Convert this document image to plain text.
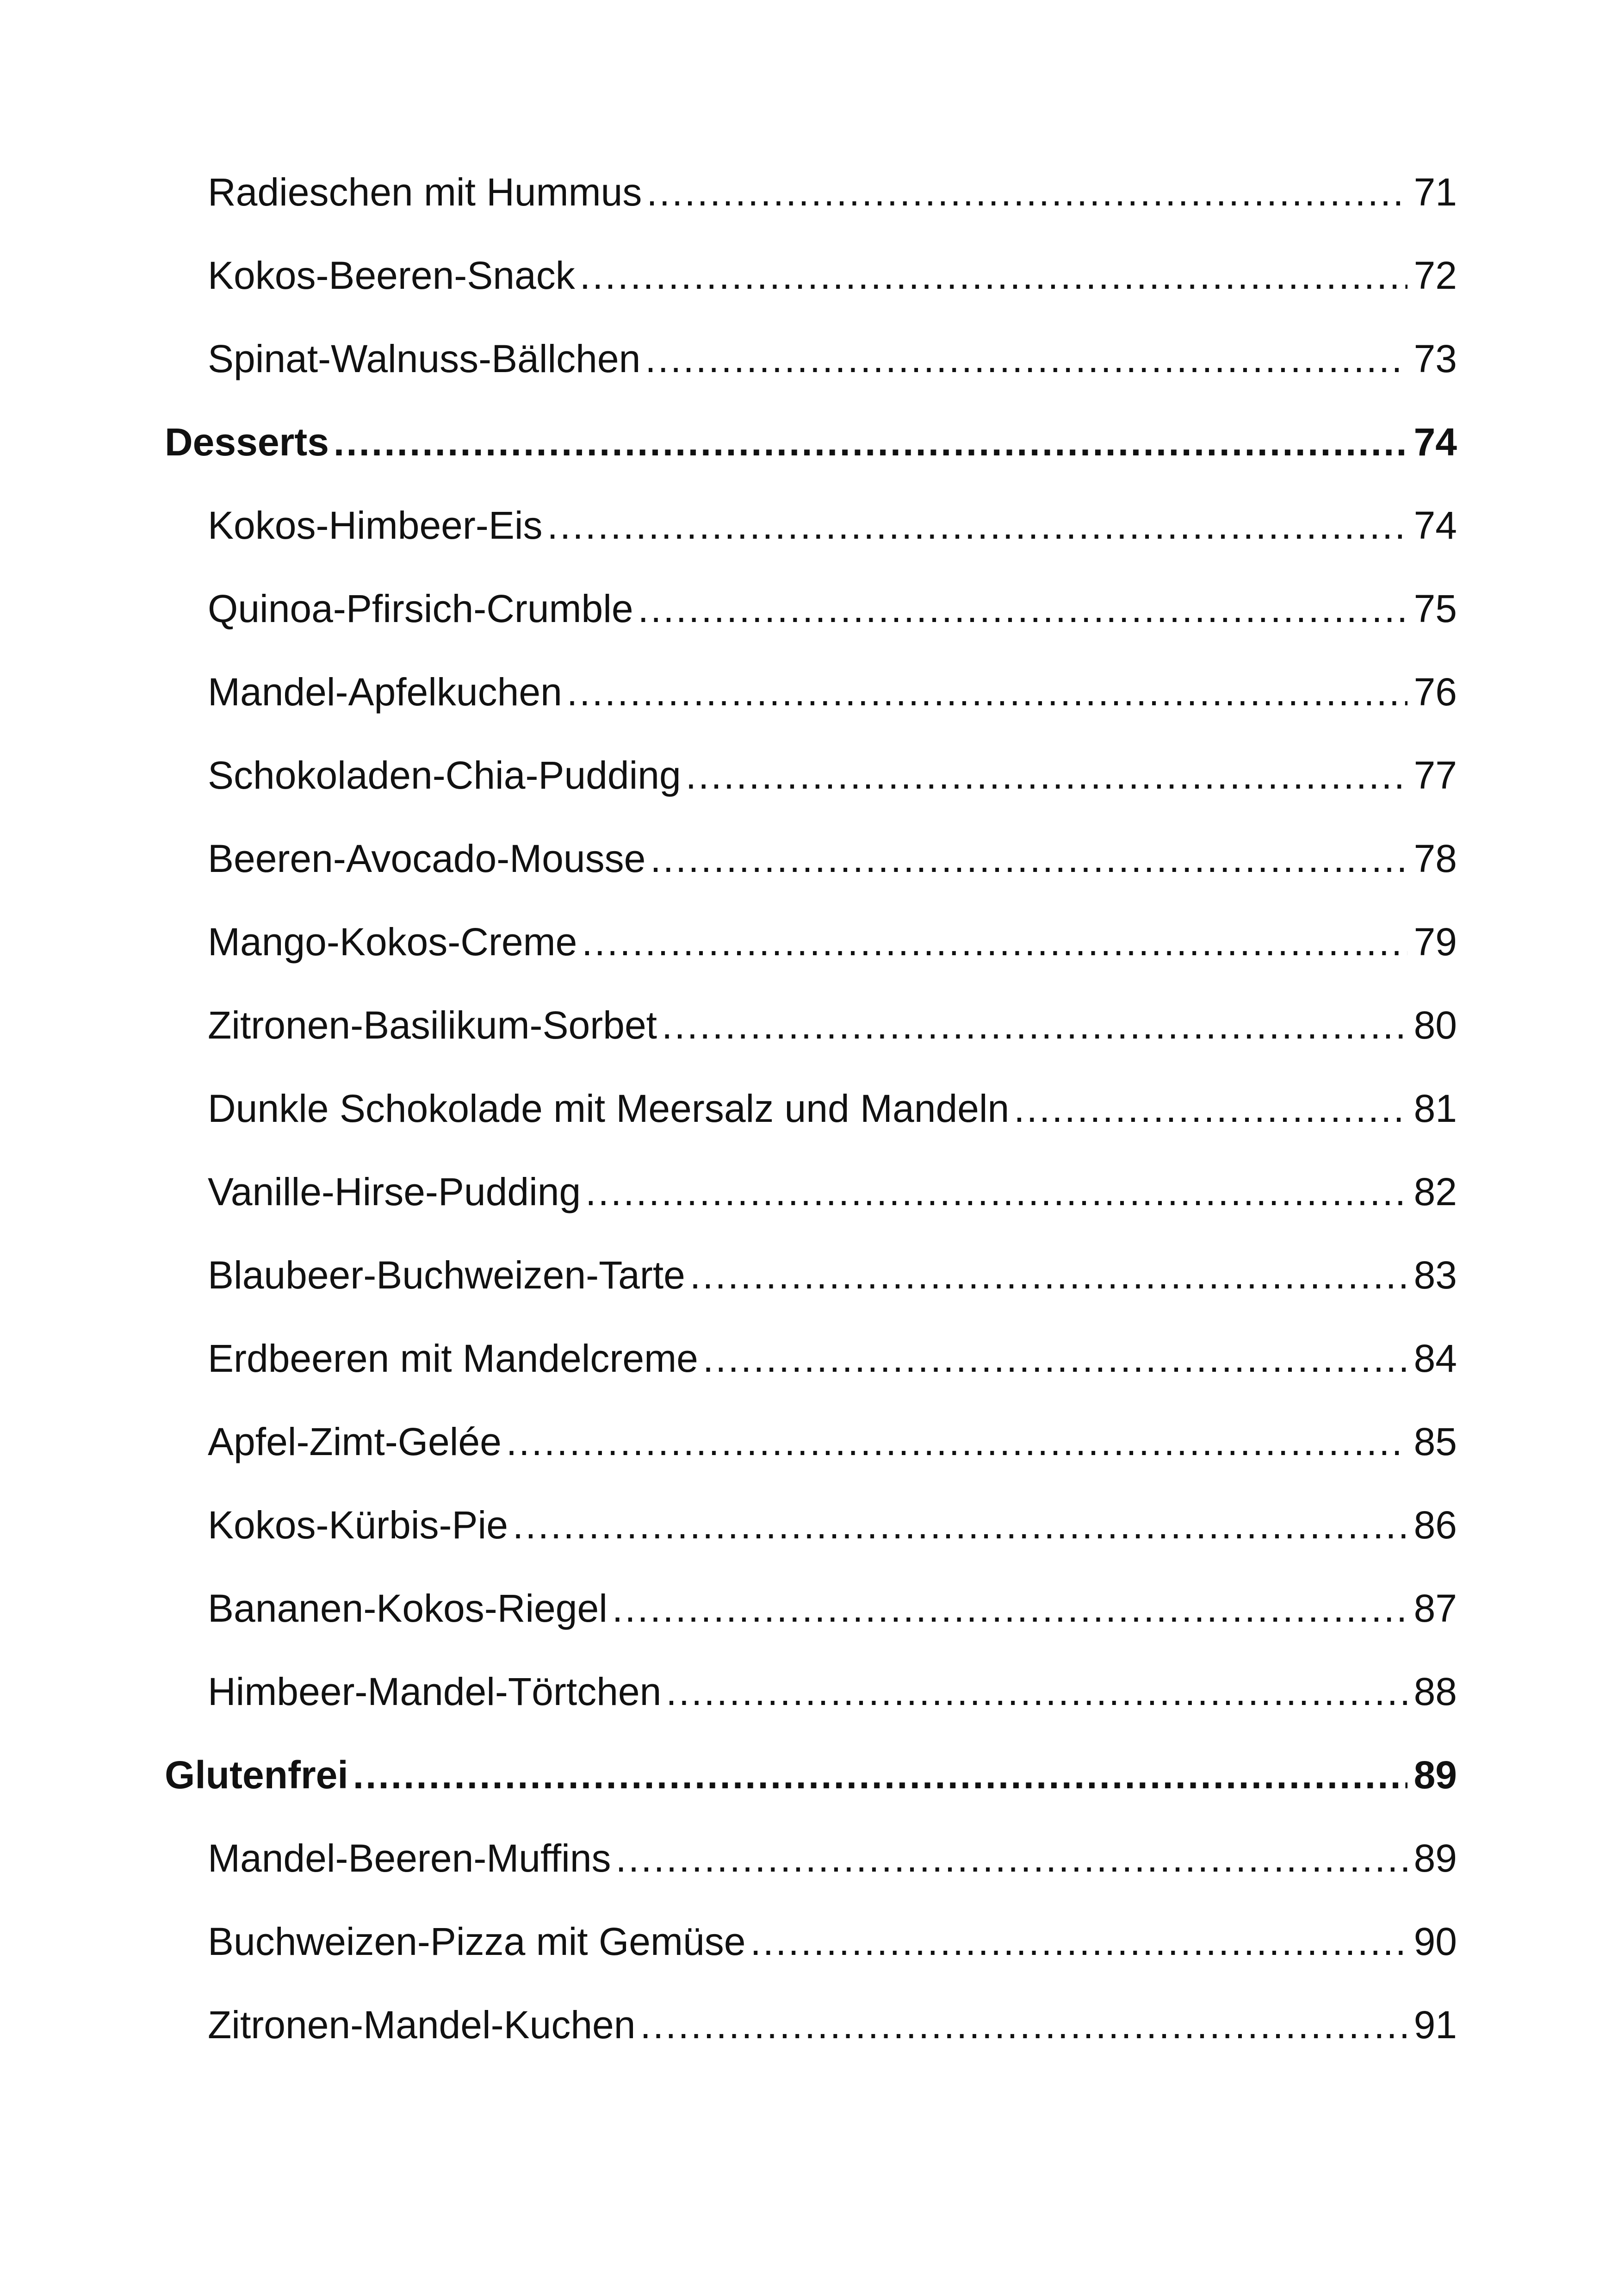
Radieschen mit Hummus .....	71
Kokos-Beeren-Snack .....	72
Spinat-Walnuss-Bällchen .....	73
Desserts .....	74
Kokos-Himbeer-Eis .....	74
Quinoa-Pfirsich-Crumble .....	75
Mandel-Apfelkuchen .....	76
Schokoladen-Chia-Pudding .....	77
Beeren-Avocado-Mousse .....	78
Mango-Kokos-Creme .....	79
Zitronen-Basilikum-Sorbet .....	80
Dunkle Schokolade mit Meersalz und Mandeln .....	81
Vanille-Hirse-Pudding .....	82
Blaubeer-Buchweizen-Tarte .....	83
Erdbeeren mit Mandelcreme .....	84
Apfel-Zimt-Gelée .....	85
Kokos-Kürbis-Pie .....	86
Bananen-Kokos-Riegel .....	87
Himbeer-Mandel-Törtchen .....	88
Glutenfrei .....	89
Mandel-Beeren-Muffins .....	89
Buchweizen-Pizza mit Gemüse .....	90
Zitronen-Mandel-Kuchen .....	91
